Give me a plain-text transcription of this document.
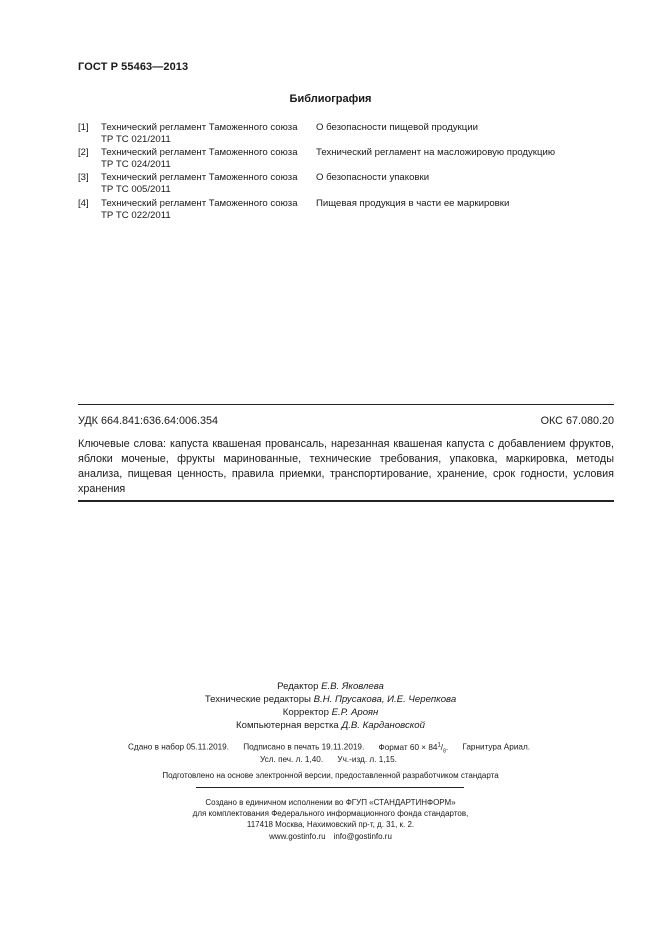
ГОСТ Р 55463—2013
Библиография
[1] Технический регламент Таможенного союза
ТР ТС 021/2011
О безопасности пищевой продукции
[2] Технический регламент Таможенного союза
ТР ТС 024/2011
Технический регламент на масложировую продукцию
[3] Технический регламент Таможенного союза
ТР ТС 005/2011
О безопасности упаковки
[4] Технический регламент Таможенного союза
ТР ТС 022/2011
Пищевая продукция в части ее маркировки
УДК 664.841:636.64:006.354	ОКС 67.080.20

Ключевые слова: капуста квашеная провансаль, нарезанная квашеная капуста с добавлением фруктов, яблоки моченые, фрукты маринованные, технические требования, упаковка, маркировка, методы анализа, пищевая ценность, правила приемки, транспортирование, хранение, срок годности, условия хранения

Редактор Е.В. Яковлева
Технические редакторы В.Н. Прусакова, И.Е. Черепкова
Корректор Е.Р. Ароян
Компьютерная верстка Д.В. Кардановской
Сдано в набор 05.11.2019. Подписано в печать 19.11.2019. Формат $60 \times 84^1/_8$. Гарнитура Ариал.
Усл. печ. л. 1,40. Уч.-изд. л. 1,15.
Подготовлено на основе электронной версии, предоставленной разработчиком стандарта
Создано в единичном исполнении во ФГУП «СТАНДАРТИНФОРМ»
для комплектования Федерального информационного фонда стандартов,
117418 Москва, Нахимовский пр-т, д. 31, к. 2.
www.gostinfo.ru info@gostinfo.ru
